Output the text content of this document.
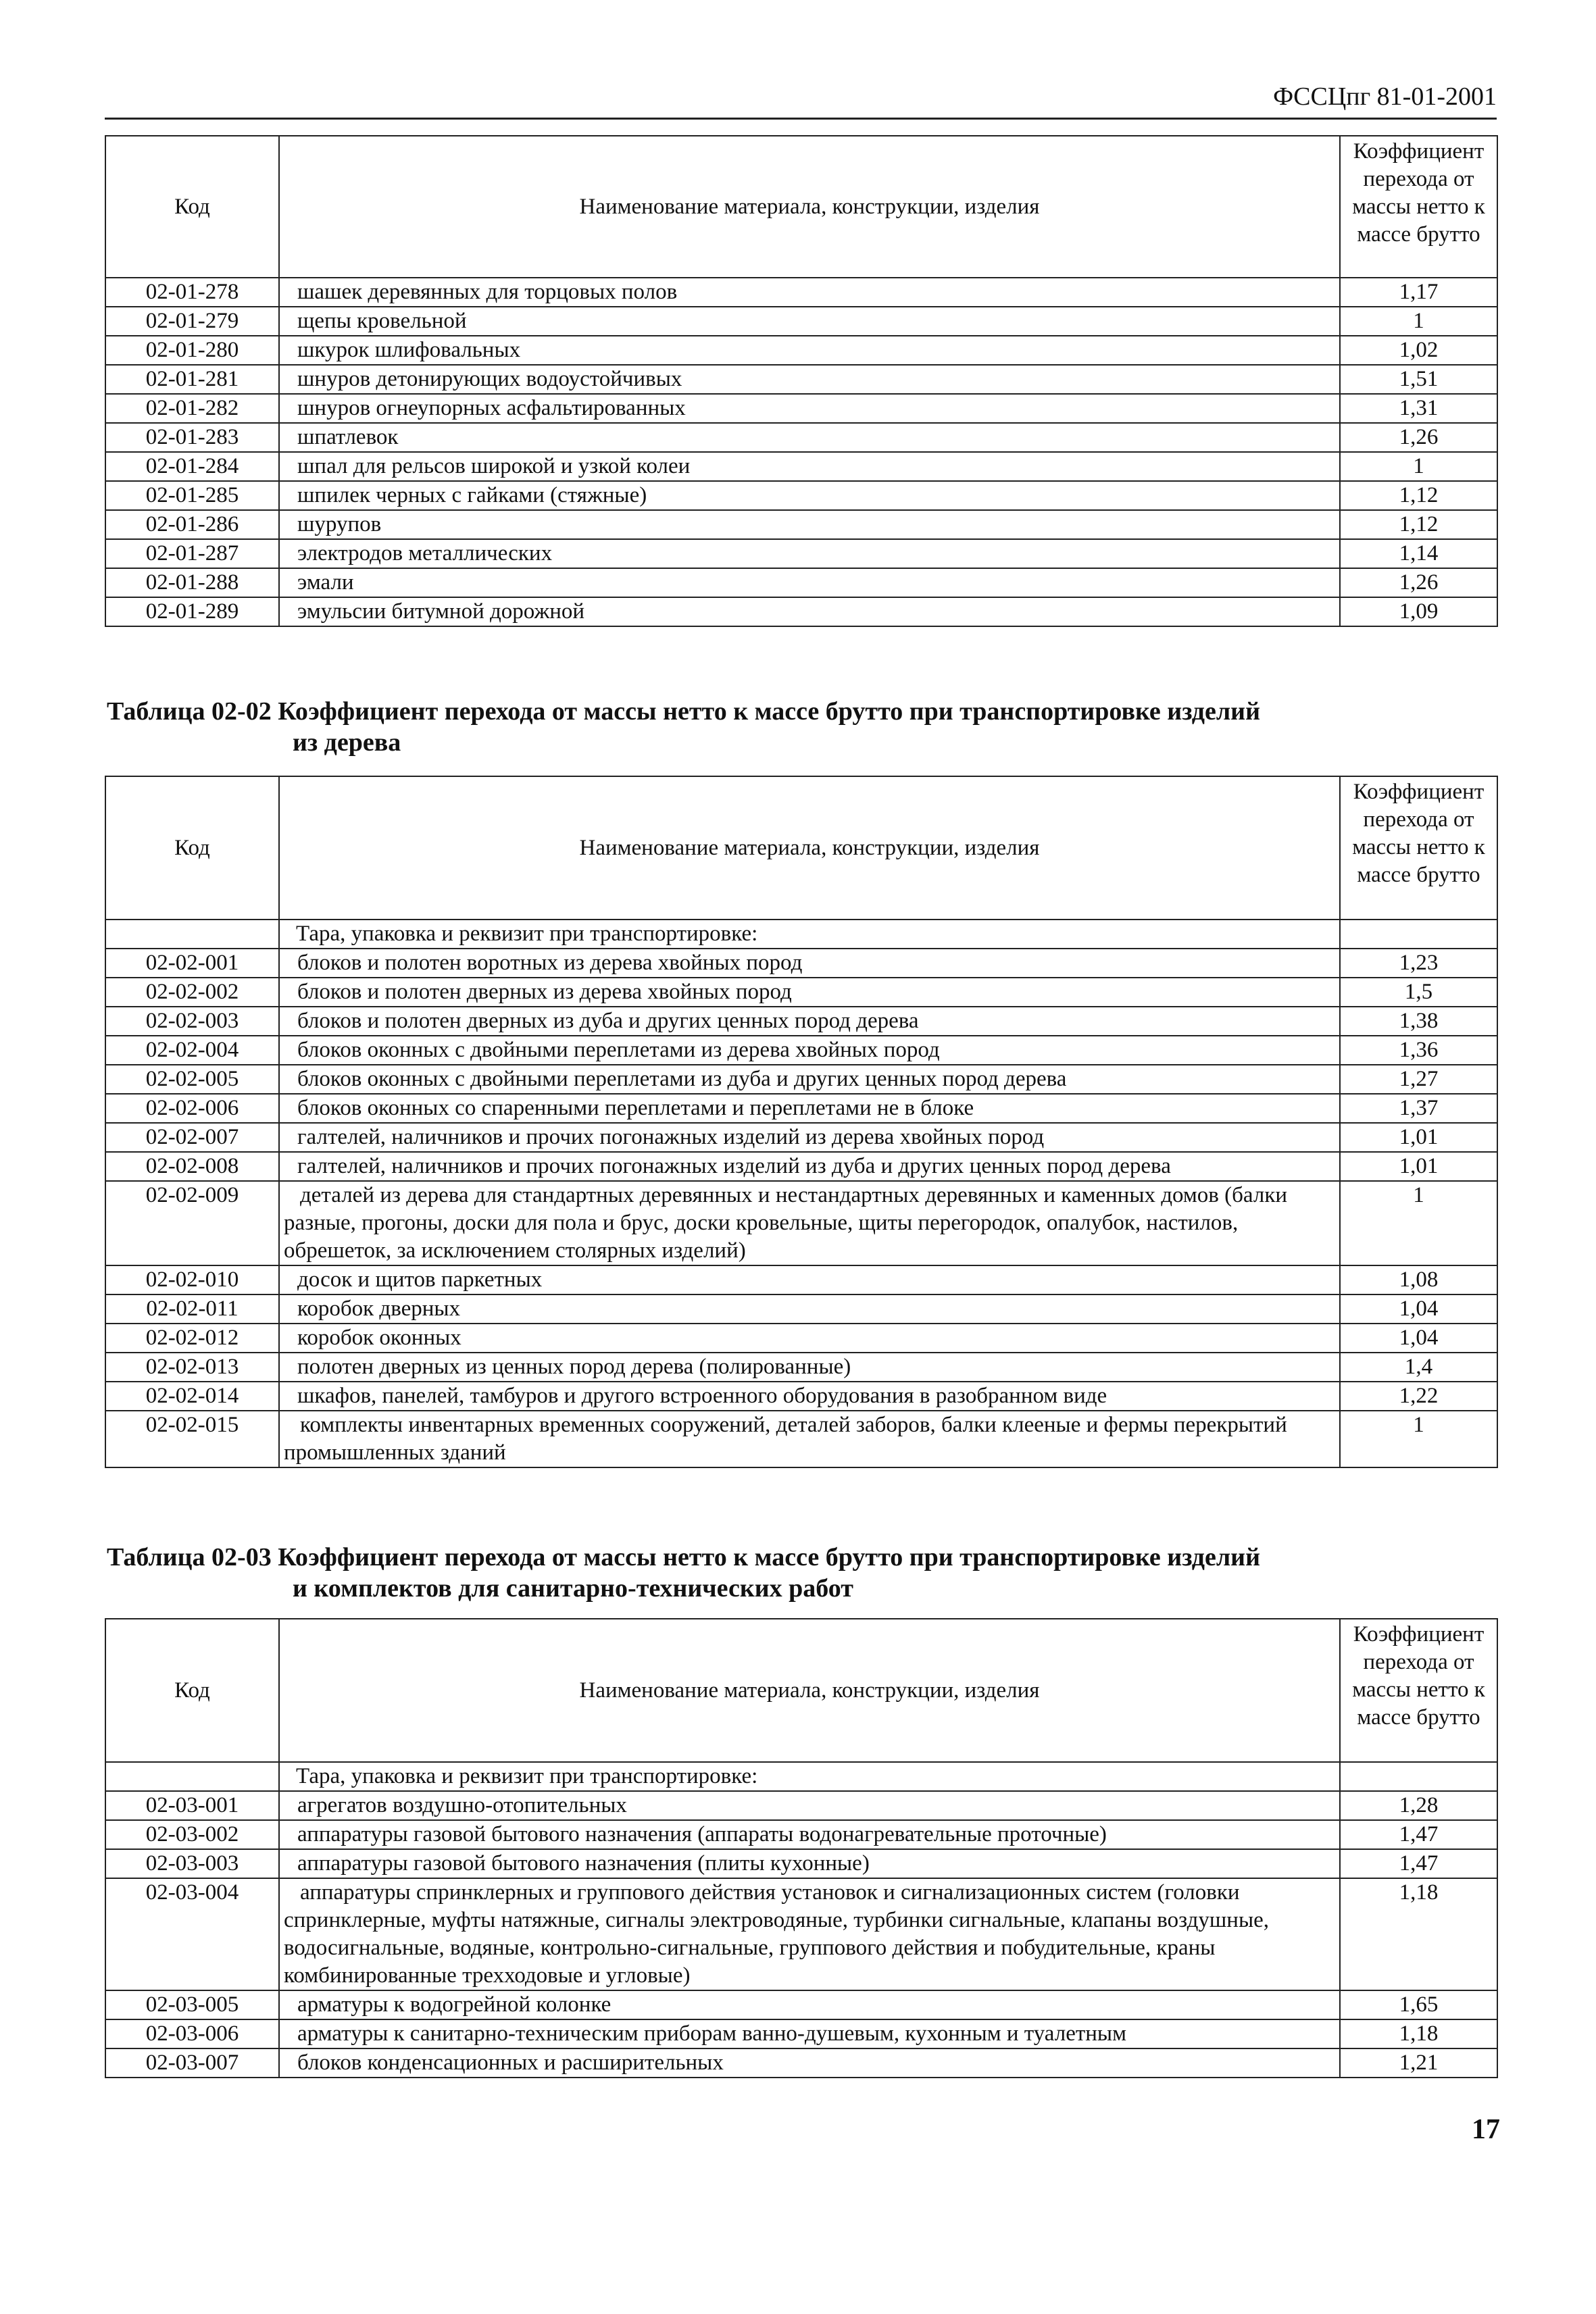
ФССЦпг 81-01-2001
Код	Наименование материала, конструкции, изделия	Коэффициент перехода от массы нетто к массе брутто
02-01-278	шашек деревянных для торцовых полов	1,17
02-01-279	щепы кровельной	1
02-01-280	шкурок шлифовальных	1,02
02-01-281	шнуров детонирующих водоустойчивых	1,51
02-01-282	шнуров огнеупорных асфальтированных	1,31
02-01-283	шпатлевок	1,26
02-01-284	шпал для рельсов широкой и узкой колеи	1
02-01-285	шпилек черных с гайками (стяжные)	1,12
02-01-286	шурупов	1,12
02-01-287	электродов металлических	1,14
02-01-288	эмали	1,26
02-01-289	эмульсии битумной дорожной	1,09
Таблица 02-02 Коэффициент перехода от массы нетто к массе брутто при транспортировке изделий
из дерева
Код	Наименование материала, конструкции, изделия	Коэффициент перехода от массы нетто к массе брутто
	Тара, упаковка и реквизит при транспортировке:	
02-02-001	блоков и полотен воротных из дерева хвойных пород	1,23
02-02-002	блоков и полотен дверных из дерева хвойных пород	1,5
02-02-003	блоков и полотен дверных из дуба и других ценных пород дерева	1,38
02-02-004	блоков оконных с двойными переплетами из дерева хвойных пород	1,36
02-02-005	блоков оконных с двойными переплетами из дуба и других ценных пород дерева	1,27
02-02-006	блоков оконных со спаренными переплетами и переплетами не в блоке	1,37
02-02-007	галтелей, наличников и прочих погонажных изделий из дерева хвойных пород	1,01
02-02-008	галтелей, наличников и прочих погонажных изделий из дуба и других ценных пород дерева	1,01
02-02-009	деталей из дерева для стандартных деревянных и нестандартных деревянных и каменных домов (балки разные, прогоны, доски для пола и брус, доски кровельные, щиты перегородок, опалубок, настилов, обрешеток, за исключением столярных изделий)	1
02-02-010	досок и щитов паркетных	1,08
02-02-011	коробок дверных	1,04
02-02-012	коробок оконных	1,04
02-02-013	полотен дверных из ценных пород дерева (полированные)	1,4
02-02-014	шкафов, панелей, тамбуров и другого встроенного оборудования в разобранном виде	1,22
02-02-015	комплекты инвентарных временных сооружений, деталей заборов, балки клееные и фермы перекрытий промышленных зданий	1
Таблица 02-03 Коэффициент перехода от массы нетто к массе брутто при транспортировке изделий
и комплектов для санитарно-технических работ
Код	Наименование материала, конструкции, изделия	Коэффициент перехода от массы нетто к массе брутто
	Тара, упаковка и реквизит при транспортировке:	
02-03-001	агрегатов воздушно-отопительных	1,28
02-03-002	аппаратуры газовой бытового назначения (аппараты водонагревательные проточные)	1,47
02-03-003	аппаратуры газовой бытового назначения (плиты кухонные)	1,47
02-03-004	аппаратуры спринклерных и группового действия установок и сигнализационных систем (головки спринклерные, муфты натяжные, сигналы электроводяные, турбинки сигнальные, клапаны воздушные, водосигнальные, водяные, контрольно-сигнальные, группового действия и побудительные, краны комбинированные трехходовые и угловые)	1,18
02-03-005	арматуры к водогрейной колонке	1,65
02-03-006	арматуры к санитарно-техническим приборам ванно-душевым, кухонным и туалетным	1,18
02-03-007	блоков конденсационных и расширительных	1,21
17
